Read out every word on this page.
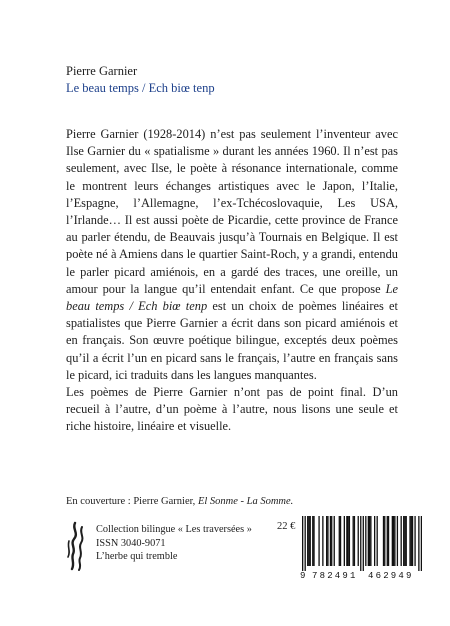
Pierre Garnier
Le beau temps / Ech biœ tenp

Pierre Garnier (1928-2014) n’est pas seulement l’inventeur avec Ilse Garnier du « spatialisme » durant les années 1960. Il n’est pas seulement, avec Ilse, le poète à résonance internationale, comme le montrent leurs échanges artistiques avec le Japon, l’Italie, l’Espagne, l’Allemagne, l’ex-Tchécoslovaquie, Les USA, l’Irlande… Il est aussi poète de Picardie, cette province de France au parler étendu, de Beauvais jusqu’à Tournais en Belgique. Il est poète né à Amiens dans le quartier Saint-Roch, y a grandi, entendu le parler picard amiénois, en a gardé des traces, une oreille, un amour pour la langue qu’il entendait enfant. Ce que propose Le beau temps / Ech biœ tenp est un choix de poèmes linéaires et spatialistes que Pierre Garnier a écrit dans son picard amiénois et en français. Son œuvre poétique bilingue, exceptés deux poèmes qu’il a écrit l’un en picard sans le français, l’autre en français sans le picard, ici traduits dans les langues manquantes.

Les poèmes de Pierre Garnier n’ont pas de point final. D’un recueil à l’autre, d’un poème à l’autre, nous lisons une seule et riche histoire, linéaire et visuelle.

En couverture : Pierre Garnier, El Sonme - La Somme.
Collection bilingue « Les traversées »
ISSN 3040-9071
L’herbe qui tremble
22 €
9 782491 462949
